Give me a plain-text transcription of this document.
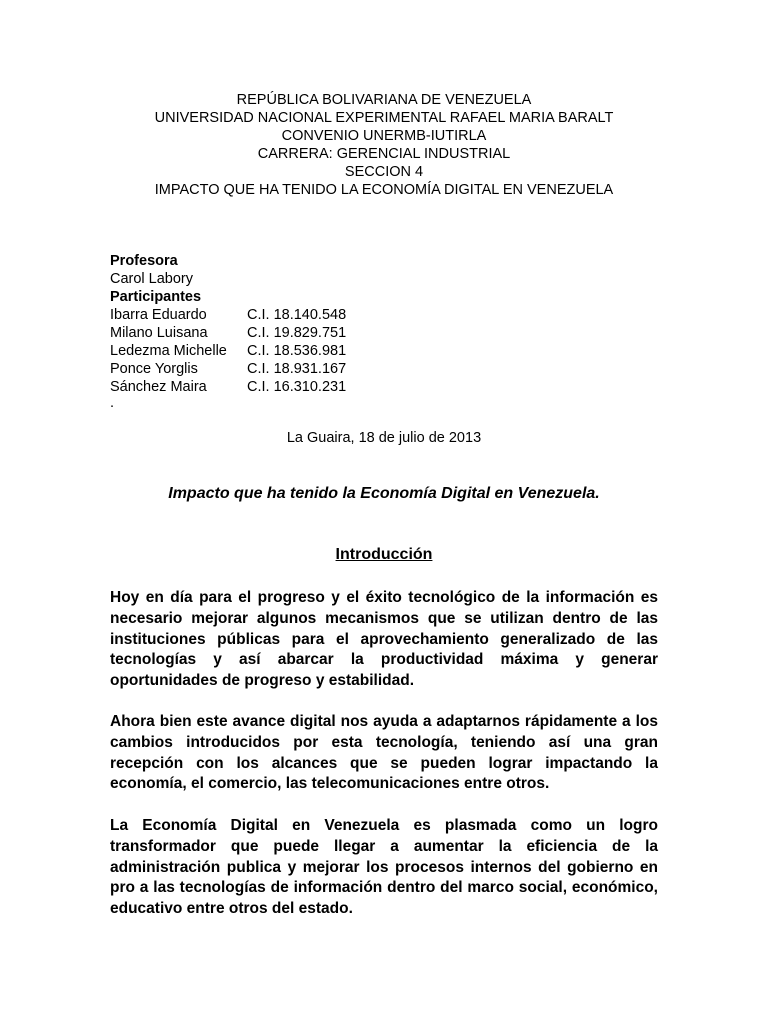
REPÚBLICA BOLIVARIANA DE VENEZUELA
UNIVERSIDAD NACIONAL EXPERIMENTAL RAFAEL MARIA BARALT
CONVENIO UNERMB-IUTIRLA
CARRERA: GERENCIAL INDUSTRIAL
SECCION 4
IMPACTO QUE HA TENIDO LA ECONOMÍA DIGITAL EN VENEZUELA
Profesora
Carol Labory
Participantes
Ibarra Eduardo	C.I. 18.140.548
Milano Luisana	C.I. 19.829.751
Ledezma Michelle	C.I. 18.536.981
Ponce Yorglis	C.I. 18.931.167
Sánchez Maira	C.I. 16.310.231
.
La Guaira, 18 de julio de 2013
Impacto que ha tenido la Economía Digital en Venezuela.
Introducción
Hoy en día para el progreso y el éxito tecnológico de la información es necesario mejorar algunos mecanismos que se utilizan dentro de las instituciones públicas para el aprovechamiento generalizado de las tecnologías y así abarcar la productividad máxima y generar oportunidades de progreso y estabilidad.
Ahora bien este avance digital nos ayuda a adaptarnos rápidamente a los cambios introducidos por esta tecnología, teniendo así una gran recepción con los alcances que se pueden lograr impactando la economía, el comercio, las telecomunicaciones entre otros.
La Economía Digital en Venezuela es plasmada como un logro transformador que puede llegar a aumentar la eficiencia de la administración publica y mejorar los procesos internos del gobierno en pro a las tecnologías de información dentro del marco social, económico, educativo entre otros del estado.
